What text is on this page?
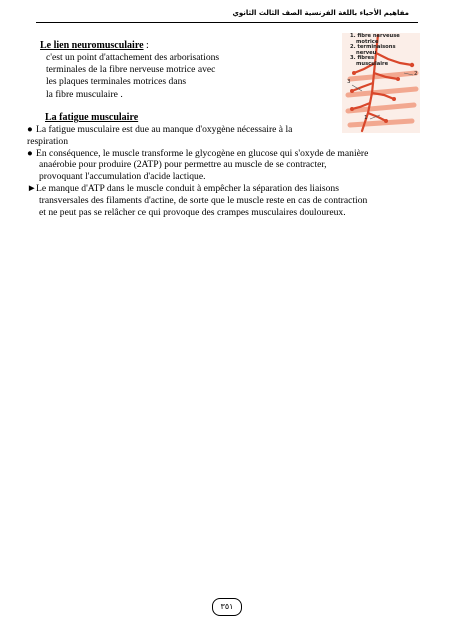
مفاهيم الأحياء باللغة الفرنسية الصف الثالث الثانوي
Le lien neuromusculaire :
c'est un point d'attachement des arborisations
terminales de la fibre nerveuse motrice avec
les plaques terminales motrices dans
la fibre musculaire .
1. fibre nerveuse
motrice
2. terminaisons
nerveu
3. fibres
musculaire
2
3
1
La fatigue musculaire
● La fatigue musculaire est due au manque d'oxygène nécessaire à la
respiration
● En conséquence, le muscle transforme le glycogène en glucose qui s'oxyde de manière
anaérobie pour produire (2ATP) pour permettre au muscle de se contracter,
provoquant l'accumulation d'acide lactique.
►Le manque d'ATP dans le muscle conduit à empêcher la séparation des liaisons
transversales des filaments d'actine, de sorte que le muscle reste en cas de contraction
et ne peut pas se relâcher ce qui provoque des crampes musculaires douloureux.
٣٥١
